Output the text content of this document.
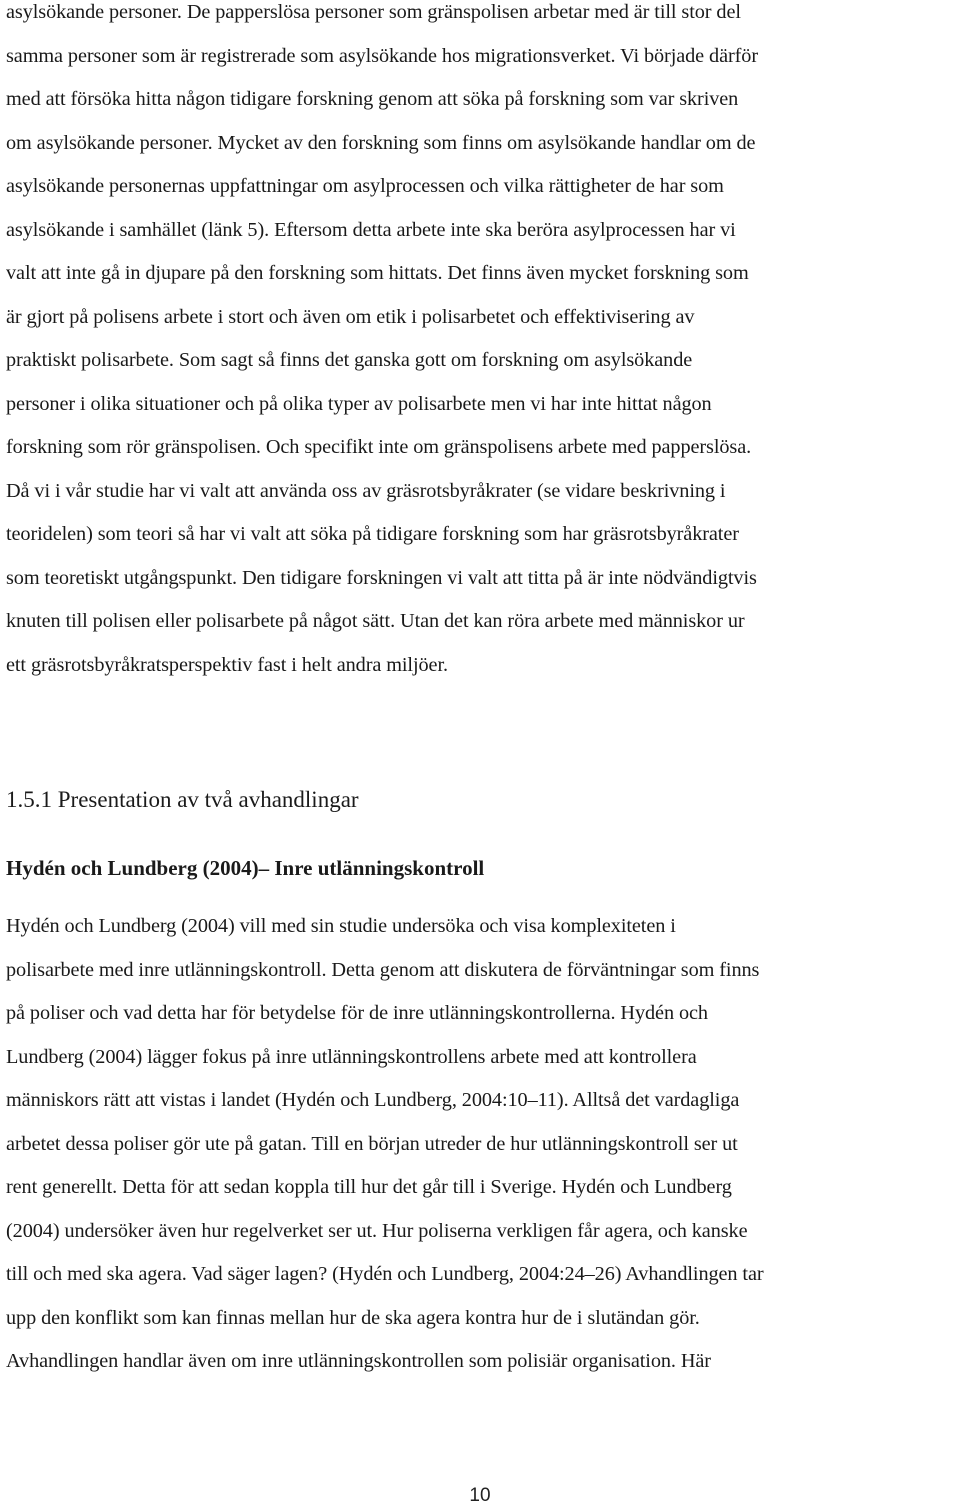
asylsökande personer. De papperslösa personer som gränspolisen arbetar med är till stor del
samma personer som är registrerade som asylsökande hos migrationsverket. Vi började därför
med att försöka hitta någon tidigare forskning genom att söka på forskning som var skriven
om asylsökande personer. Mycket av den forskning som finns om asylsökande handlar om de
asylsökande personernas uppfattningar om asylprocessen och vilka rättigheter de har som
asylsökande i samhället (länk 5). Eftersom detta arbete inte ska beröra asylprocessen har vi
valt att inte gå in djupare på den forskning som hittats. Det finns även mycket forskning som
är gjort på polisens arbete i stort och även om etik i polisarbetet och effektivisering av
praktiskt polisarbete. Som sagt så finns det ganska gott om forskning om asylsökande
personer i olika situationer och på olika typer av polisarbete men vi har inte hittat någon
forskning som rör gränspolisen. Och specifikt inte om gränspolisens arbete med papperslösa.
Då vi i vår studie har vi valt att använda oss av gräsrotsbyråkrater (se vidare beskrivning i
teoridelen) som teori så har vi valt att söka på tidigare forskning som har gräsrotsbyråkrater
som teoretiskt utgångspunkt. Den tidigare forskningen vi valt att titta på är inte nödvändigtvis
knuten till polisen eller polisarbete på något sätt. Utan det kan röra arbete med människor ur
ett gräsrotsbyråkratsperspektiv fast i helt andra miljöer.

1.5.1 Presentation av två avhandlingar
Hydén och Lundberg (2004)– Inre utlänningskontroll

Hydén och Lundberg (2004) vill med sin studie undersöka och visa komplexiteten i
polisarbete med inre utlänningskontroll. Detta genom att diskutera de förväntningar som finns
på poliser och vad detta har för betydelse för de inre utlänningskontrollerna. Hydén och
Lundberg (2004) lägger fokus på inre utlänningskontrollens arbete med att kontrollera
människors rätt att vistas i landet (Hydén och Lundberg, 2004:10–11). Alltså det vardagliga
arbetet dessa poliser gör ute på gatan. Till en början utreder de hur utlänningskontroll ser ut
rent generellt. Detta för att sedan koppla till hur det går till i Sverige. Hydén och Lundberg
(2004) undersöker även hur regelverket ser ut. Hur poliserna verkligen får agera, och kanske
till och med ska agera. Vad säger lagen? (Hydén och Lundberg, 2004:24–26) Avhandlingen tar
upp den konflikt som kan finnas mellan hur de ska agera kontra hur de i slutändan gör.
Avhandlingen handlar även om inre utlänningskontrollen som polisiär organisation. Här

10
